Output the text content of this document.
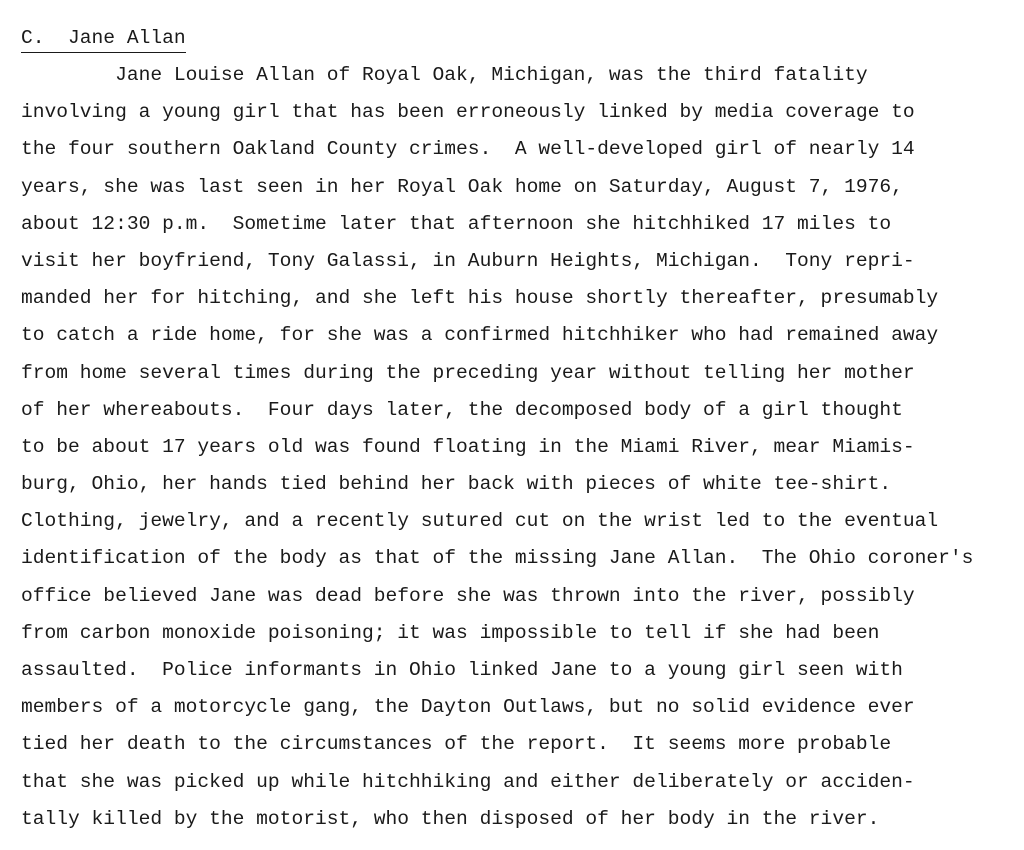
C.  Jane Allan
Jane Louise Allan of Royal Oak, Michigan, was the third fatality
involving a young girl that has been erroneously linked by media coverage to
the four southern Oakland County crimes.  A well-developed girl of nearly 14
years, she was last seen in her Royal Oak home on Saturday, August 7, 1976,
about 12:30 p.m.  Sometime later that afternoon she hitchhiked 17 miles to
visit her boyfriend, Tony Galassi, in Auburn Heights, Michigan.  Tony repri-
manded her for hitching, and she left his house shortly thereafter, presumably
to catch a ride home, for she was a confirmed hitchhiker who had remained away
from home several times during the preceding year without telling her mother
of her whereabouts.  Four days later, the decomposed body of a girl thought
to be about 17 years old was found floating in the Miami River, mear Miamis-
burg, Ohio, her hands tied behind her back with pieces of white tee-shirt.
Clothing, jewelry, and a recently sutured cut on the wrist led to the eventual
identification of the body as that of the missing Jane Allan.  The Ohio coroner's
office believed Jane was dead before she was thrown into the river, possibly
from carbon monoxide poisoning; it was impossible to tell if she had been
assaulted.  Police informants in Ohio linked Jane to a young girl seen with
members of a motorcycle gang, the Dayton Outlaws, but no solid evidence ever
tied her death to the circumstances of the report.  It seems more probable
that she was picked up while hitchhiking and either deliberately or acciden-
tally killed by the motorist, who then disposed of her body in the river.
